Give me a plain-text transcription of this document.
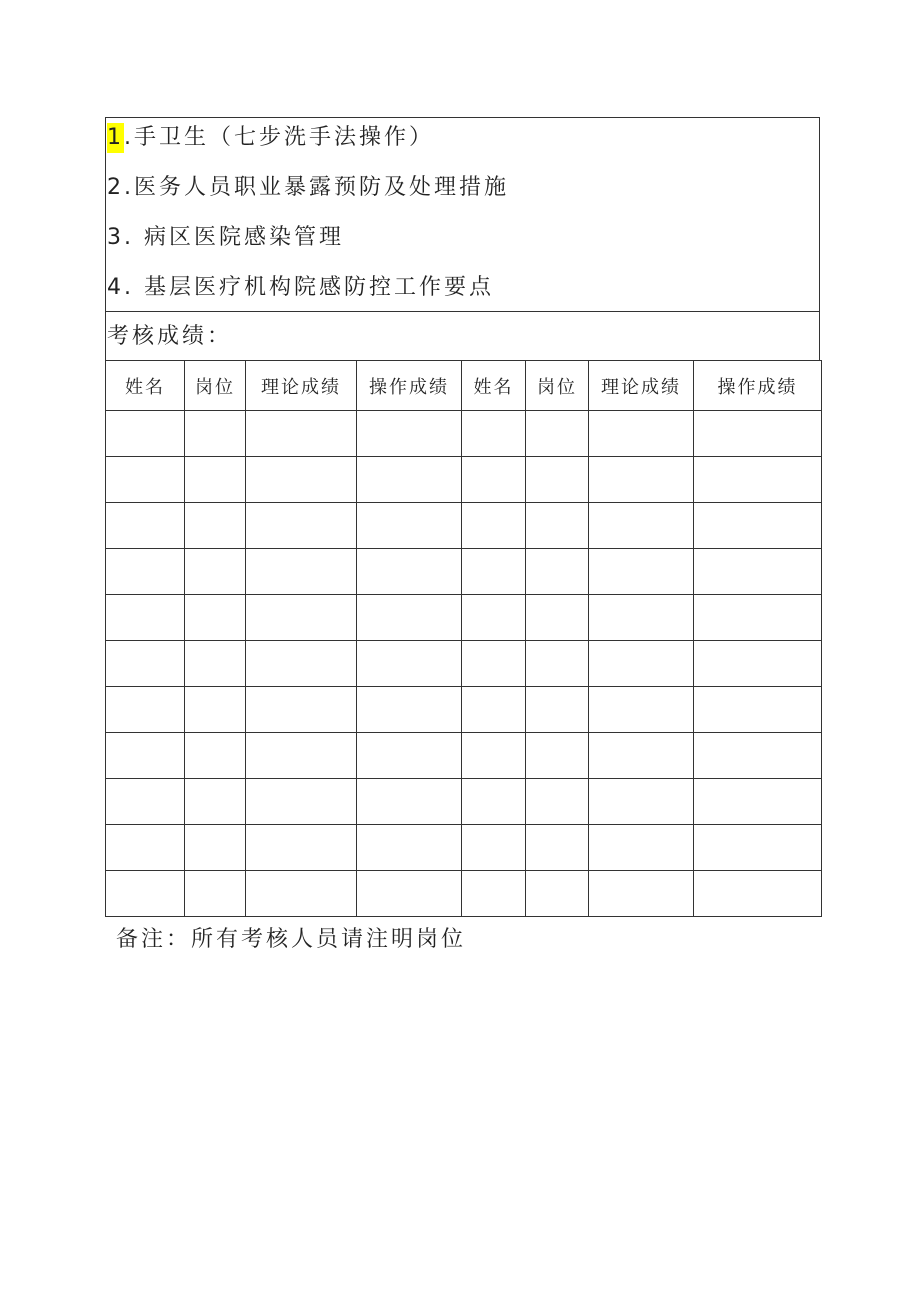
1.手卫生（七步洗手法操作）
2.医务人员职业暴露预防及处理措施
3. 病区医院感染管理
4. 基层医疗机构院感防控工作要点
考核成绩：
姓名	岗位	理论成绩	操作成绩	姓名	岗位	理论成绩	操作成绩

备注：所有考核人员请注明岗位
